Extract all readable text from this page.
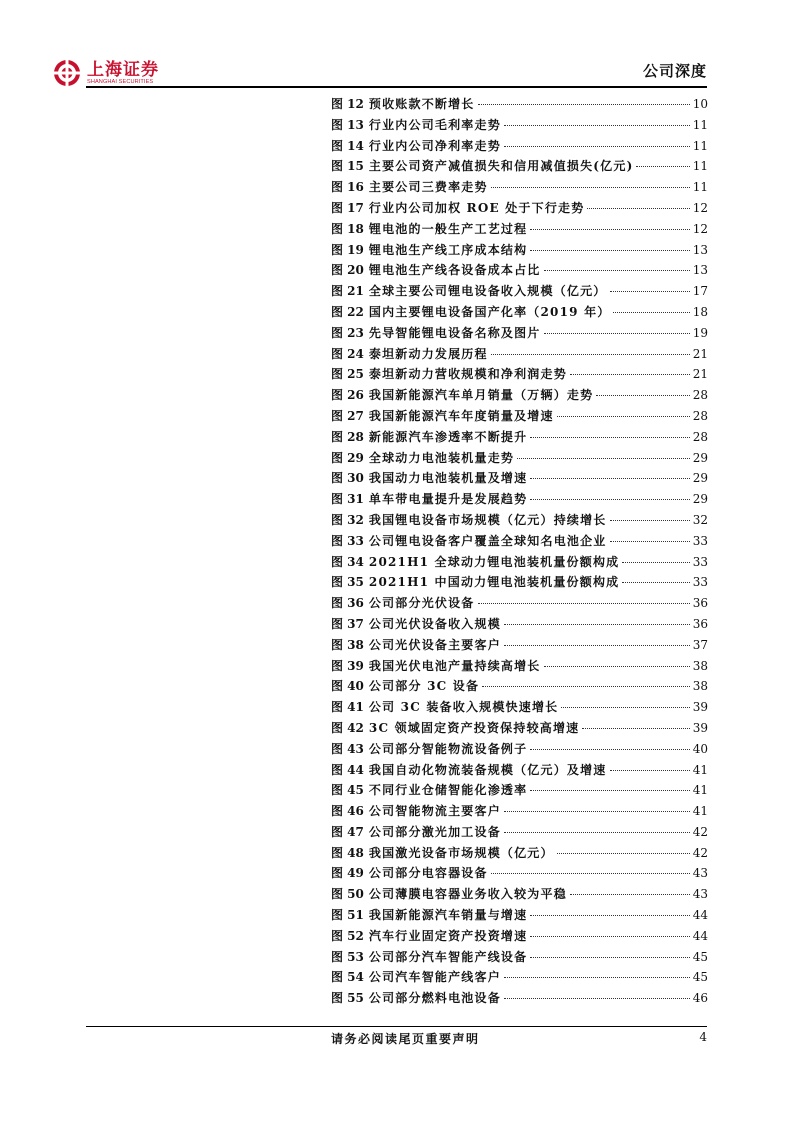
上海证券
SHANGHAI SECURITIES
公司深度
图 12 预收账款不断增长	10
图 13 行业内公司毛利率走势	11
图 14 行业内公司净利率走势	11
图 15 主要公司资产减值损失和信用减值损失(亿元)	11
图 16 主要公司三费率走势	11
图 17 行业内公司加权 ROE 处于下行走势	12
图 18 锂电池的一般生产工艺过程	12
图 19 锂电池生产线工序成本结构	13
图 20 锂电池生产线各设备成本占比	13
图 21 全球主要公司锂电设备收入规模（亿元）	17
图 22 国内主要锂电设备国产化率（2019 年）	18
图 23 先导智能锂电设备名称及图片	19
图 24 泰坦新动力发展历程	21
图 25 泰坦新动力营收规模和净利润走势	21
图 26 我国新能源汽车单月销量（万辆）走势	28
图 27 我国新能源汽车年度销量及增速	28
图 28 新能源汽车渗透率不断提升	28
图 29 全球动力电池装机量走势	29
图 30 我国动力电池装机量及增速	29
图 31 单车带电量提升是发展趋势	29
图 32 我国锂电设备市场规模（亿元）持续增长	32
图 33 公司锂电设备客户覆盖全球知名电池企业	33
图 34 2021H1 全球动力锂电池装机量份额构成	33
图 35 2021H1 中国动力锂电池装机量份额构成	33
图 36 公司部分光伏设备	36
图 37 公司光伏设备收入规模	36
图 38 公司光伏设备主要客户	37
图 39 我国光伏电池产量持续高增长	38
图 40 公司部分 3C 设备	38
图 41 公司 3C 装备收入规模快速增长	39
图 42 3C 领域固定资产投资保持较高增速	39
图 43 公司部分智能物流设备例子	40
图 44 我国自动化物流装备规模（亿元）及增速	41
图 45 不同行业仓储智能化渗透率	41
图 46 公司智能物流主要客户	41
图 47 公司部分激光加工设备	42
图 48 我国激光设备市场规模（亿元）	42
图 49 公司部分电容器设备	43
图 50 公司薄膜电容器业务收入较为平稳	43
图 51 我国新能源汽车销量与增速	44
图 52 汽车行业固定资产投资增速	44
图 53 公司部分汽车智能产线设备	45
图 54 公司汽车智能产线客户	45
图 55 公司部分燃料电池设备	46
请务必阅读尾页重要声明	4
